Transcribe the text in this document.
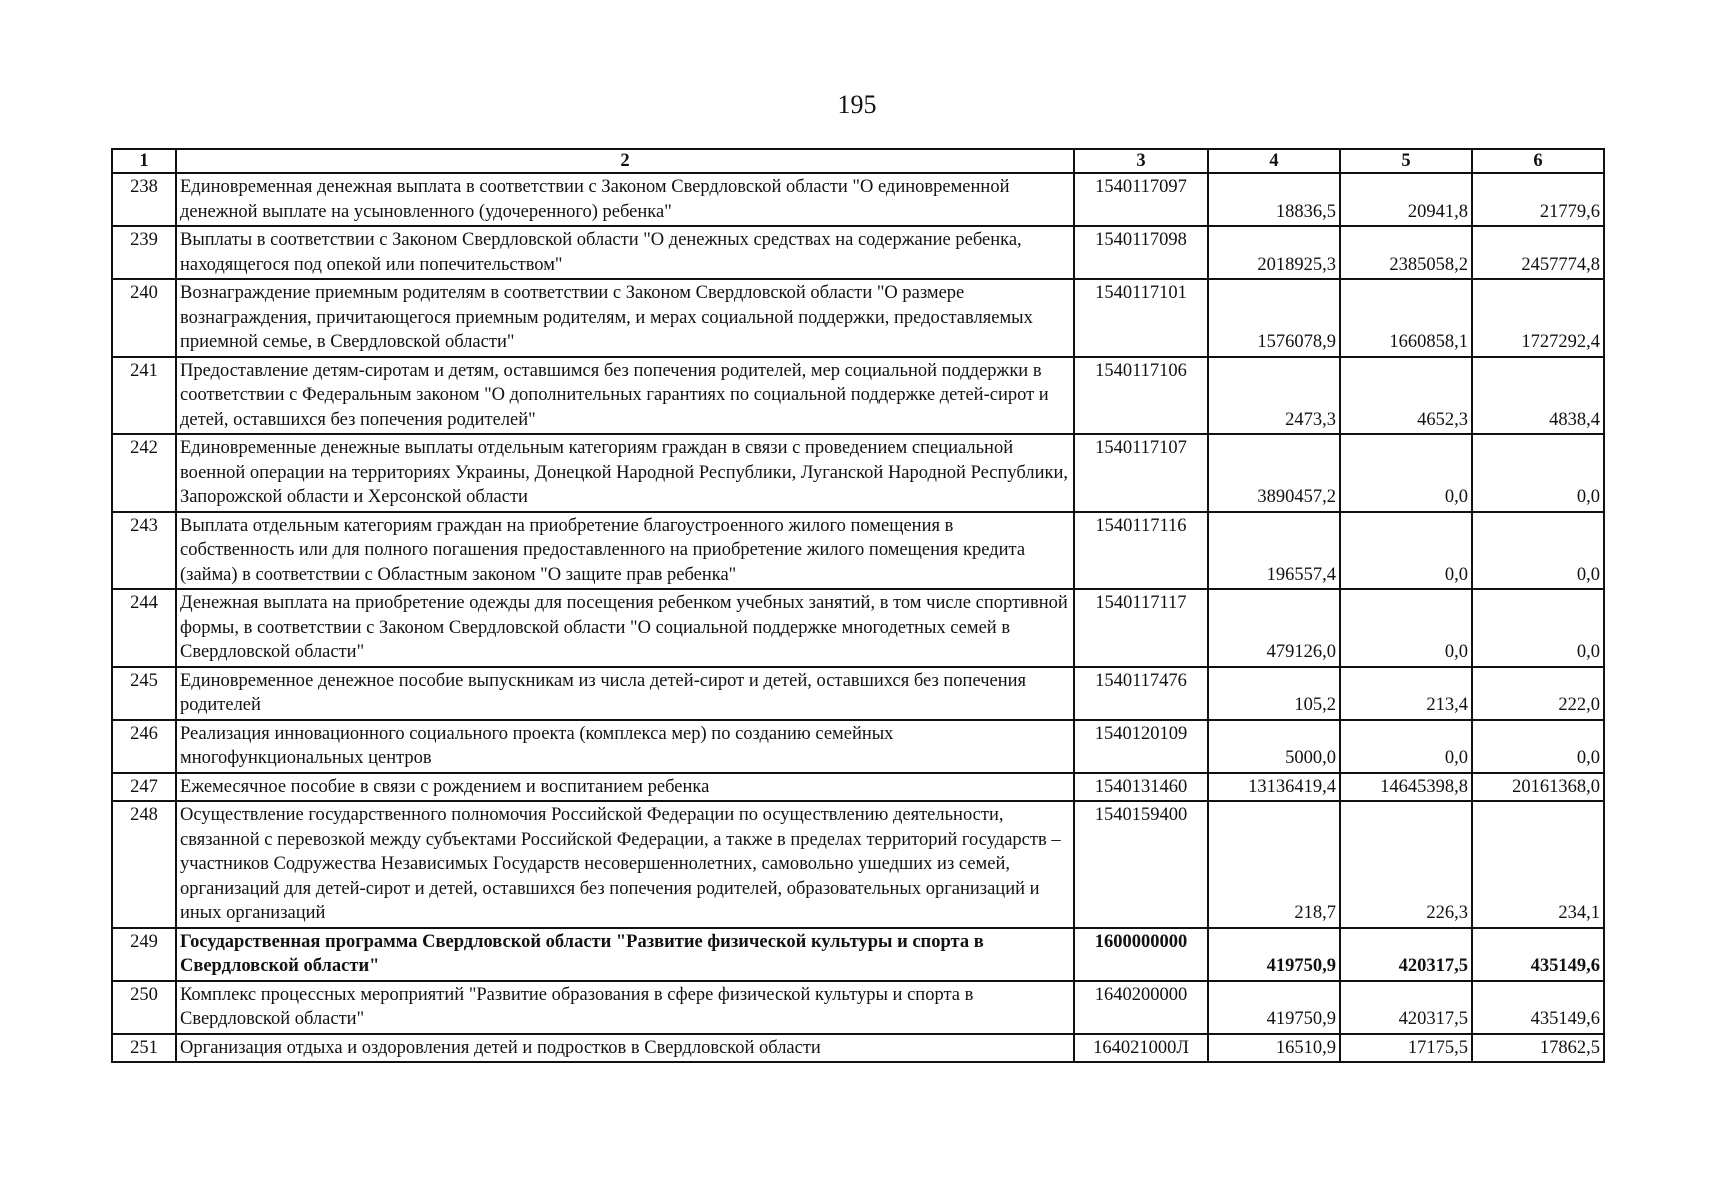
195
1	2	3	4	5	6
238	Единовременная денежная выплата в соответствии с Законом Свердловской области "О единовременной денежной выплате на усыновленного (удочеренного) ребенка"	1540117097	18836,5	20941,8	21779,6
239	Выплаты в соответствии с Законом Свердловской области "О денежных средствах на содержание ребенка, находящегося под опекой или попечительством"	1540117098	2018925,3	2385058,2	2457774,8
240	Вознаграждение приемным родителям в соответствии с Законом Свердловской области "О размере вознаграждения, причитающегося приемным родителям, и мерах социальной поддержки, предоставляемых приемной семье, в Свердловской области"	1540117101	1576078,9	1660858,1	1727292,4
241	Предоставление детям-сиротам и детям, оставшимся без попечения родителей, мер социальной поддержки в соответствии с Федеральным законом "О дополнительных гарантиях по социальной поддержке детей-сирот и детей, оставшихся без попечения родителей"	1540117106	2473,3	4652,3	4838,4
242	Единовременные денежные выплаты отдельным категориям граждан в связи с проведением специальной военной операции на территориях Украины, Донецкой Народной Республики, Луганской Народной Республики, Запорожской области и Херсонской области	1540117107	3890457,2	0,0	0,0
243	Выплата отдельным категориям граждан на приобретение благоустроенного жилого помещения в собственность или для полного погашения предоставленного на приобретение жилого помещения кредита (займа) в соответствии с Областным законом "О защите прав ребенка"	1540117116	196557,4	0,0	0,0
244	Денежная выплата на приобретение одежды для посещения ребенком учебных занятий, в том числе спортивной формы, в соответствии с Законом Свердловской области "О социальной поддержке многодетных семей в Свердловской области"	1540117117	479126,0	0,0	0,0
245	Единовременное денежное пособие выпускникам из числа детей-сирот и детей, оставшихся без попечения родителей	1540117476	105,2	213,4	222,0
246	Реализация инновационного социального проекта (комплекса мер) по созданию семейных многофункциональных центров	1540120109	5000,0	0,0	0,0
247	Ежемесячное пособие в связи с рождением и воспитанием ребенка	1540131460	13136419,4	14645398,8	20161368,0
248	Осуществление государственного полномочия Российской Федерации по осуществлению деятельности, связанной с перевозкой между субъектами Российской Федерации, а также в пределах территорий государств – участников Содружества Независимых Государств несовершеннолетних, самовольно ушедших из семей, организаций для детей-сирот и детей, оставшихся без попечения родителей, образовательных организаций и иных организаций	1540159400	218,7	226,3	234,1
249	Государственная программа Свердловской области "Развитие физической культуры и спорта в Свердловской области"	1600000000	419750,9	420317,5	435149,6
250	Комплекс процессных мероприятий "Развитие образования в сфере физической культуры и спорта в Свердловской области"	1640200000	419750,9	420317,5	435149,6
251	Организация отдыха и оздоровления детей и подростков в Свердловской области	164021000Л	16510,9	17175,5	17862,5
